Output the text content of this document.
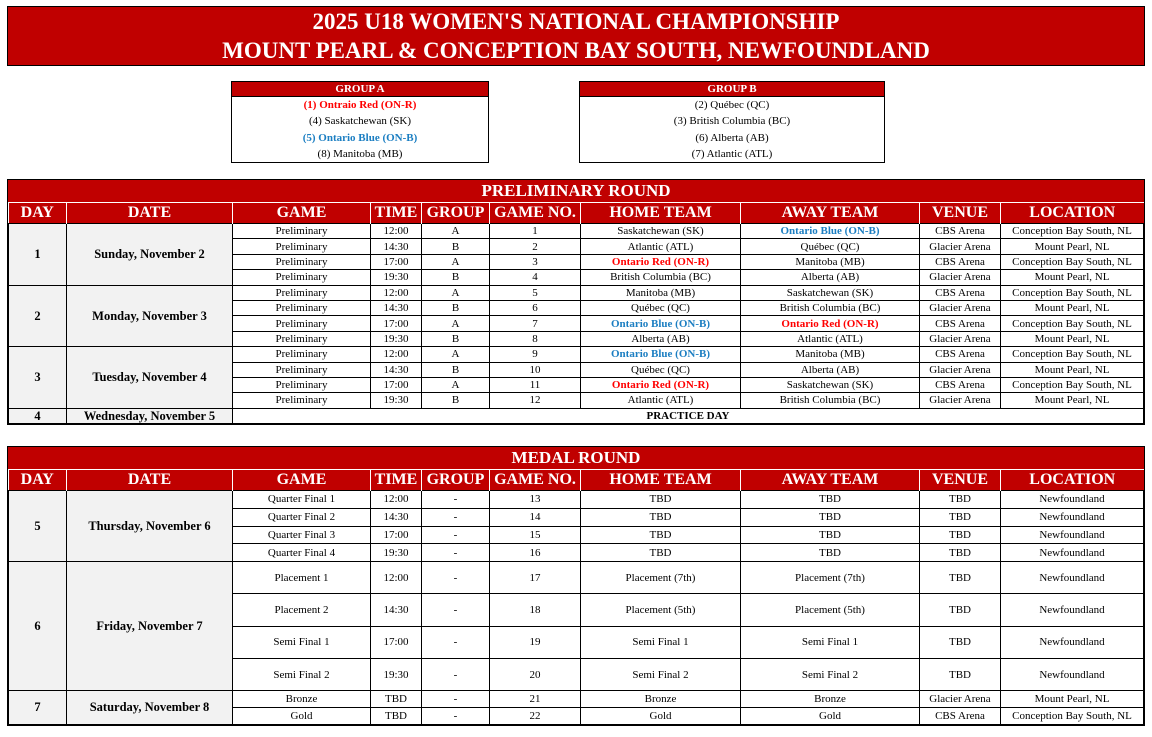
2025 U18 WOMEN'S NATIONAL CHAMPIONSHIP
MOUNT PEARL & CONCEPTION BAY SOUTH, NEWFOUNDLAND
GROUP A
(1) Ontraio Red (ON-R)
(4) Saskatchewan (SK)
(5) Ontario Blue (ON-B)
(8) Manitoba (MB)
GROUP B
(2) Québec (QC)
(3) British Columbia (BC)
(6) Alberta (AB)
(7) Atlantic (ATL)
PRELIMINARY ROUND
DAY	DATE	GAME	TIME	GROUP	GAME NO.	HOME TEAM	AWAY TEAM	VENUE	LOCATION
1	Sunday, November 2	Preliminary	12:00	A	1	Saskatchewan (SK)	Ontario Blue (ON-B)	CBS Arena	Conception Bay South, NL
		Preliminary	14:30	B	2	Atlantic (ATL)	Québec (QC)	Glacier Arena	Mount Pearl, NL
		Preliminary	17:00	A	3	Ontario Red (ON-R)	Manitoba (MB)	CBS Arena	Conception Bay South, NL
		Preliminary	19:30	B	4	British Columbia (BC)	Alberta (AB)	Glacier Arena	Mount Pearl, NL
2	Monday, November 3	Preliminary	12:00	A	5	Manitoba (MB)	Saskatchewan (SK)	CBS Arena	Conception Bay South, NL
		Preliminary	14:30	B	6	Québec (QC)	British Columbia (BC)	Glacier Arena	Mount Pearl, NL
		Preliminary	17:00	A	7	Ontario Blue (ON-B)	Ontario Red (ON-R)	CBS Arena	Conception Bay South, NL
		Preliminary	19:30	B	8	Alberta (AB)	Atlantic (ATL)	Glacier Arena	Mount Pearl, NL
3	Tuesday, November 4	Preliminary	12:00	A	9	Ontario Blue (ON-B)	Manitoba (MB)	CBS Arena	Conception Bay South, NL
		Preliminary	14:30	B	10	Québec (QC)	Alberta (AB)	Glacier Arena	Mount Pearl, NL
		Preliminary	17:00	A	11	Ontario Red (ON-R)	Saskatchewan (SK)	CBS Arena	Conception Bay South, NL
		Preliminary	19:30	B	12	Atlantic (ATL)	British Columbia (BC)	Glacier Arena	Mount Pearl, NL
4	Wednesday, November 5	PRACTICE DAY							
MEDAL ROUND
DAY	DATE	GAME	TIME	GROUP	GAME NO.	HOME TEAM	AWAY TEAM	VENUE	LOCATION
5	Thursday, November 6	Quarter Final 1	12:00	-	13	TBD	TBD	TBD	Newfoundland
		Quarter Final 2	14:30	-	14	TBD	TBD	TBD	Newfoundland
		Quarter Final 3	17:00	-	15	TBD	TBD	TBD	Newfoundland
		Quarter Final 4	19:30	-	16	TBD	TBD	TBD	Newfoundland
6	Friday, November 7	Placement 1	12:00	-	17	Placement (7th)	Placement (7th)	TBD	Newfoundland
		Placement 2	14:30	-	18	Placement (5th)	Placement (5th)	TBD	Newfoundland
		Semi Final 1	17:00	-	19	Semi Final 1	Semi Final 1	TBD	Newfoundland
		Semi Final 2	19:30	-	20	Semi Final 2	Semi Final 2	TBD	Newfoundland
7	Saturday, November 8	Bronze	TBD	-	21	Bronze	Bronze	Glacier Arena	Mount Pearl, NL
		Gold	TBD	-	22	Gold	Gold	CBS Arena	Conception Bay South, NL
